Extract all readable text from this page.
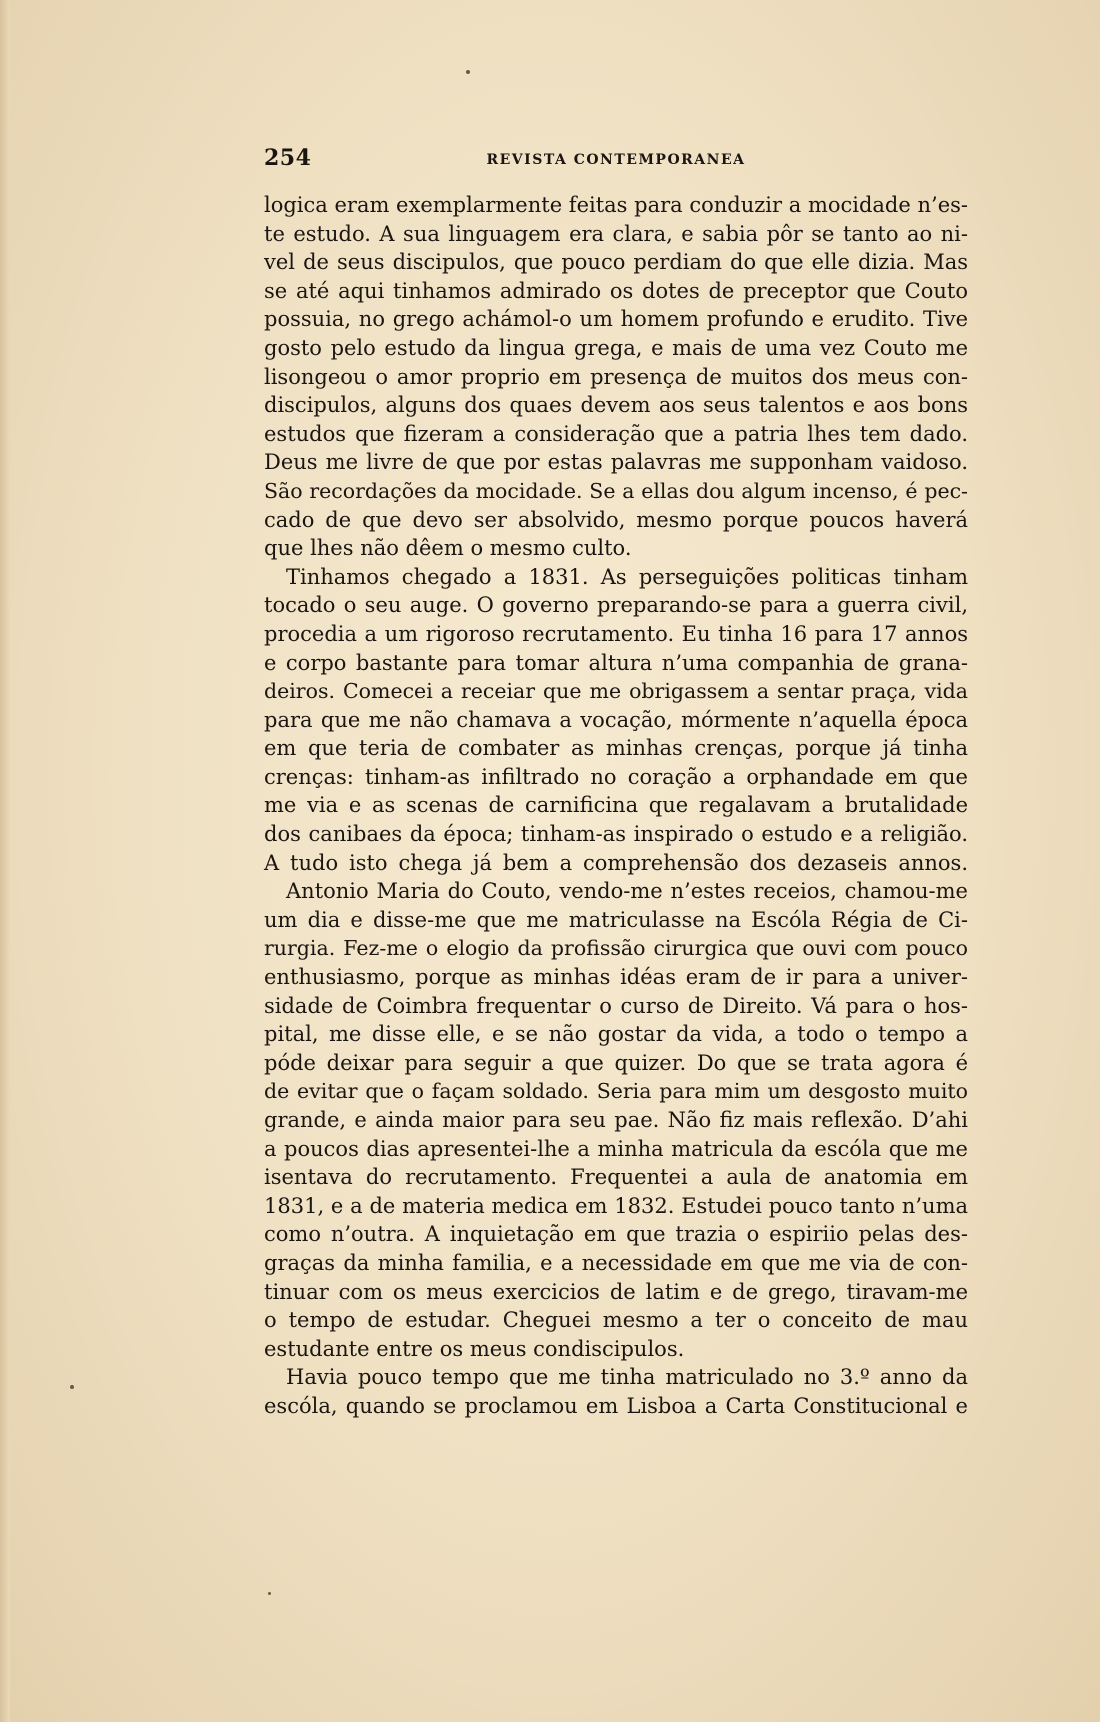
254	REVISTA CONTEMPORANEA
logica eram exemplarmente feitas para conduzir a mocidade n’es-
te estudo. A sua linguagem era clara, e sabia pôr se tanto ao ni-
vel de seus discipulos, que pouco perdiam do que elle dizia. Mas
se até aqui tinhamos admirado os dotes de preceptor que Couto
possuia, no grego achámol-o um homem profundo e erudito. Tive
gosto pelo estudo da lingua grega, e mais de uma vez Couto me
lisongeou o amor proprio em presença de muitos dos meus con-
discipulos, alguns dos quaes devem aos seus talentos e aos bons
estudos que fizeram a consideração que a patria lhes tem dado.
Deus me livre de que por estas palavras me supponham vaidoso.
São recordações da mocidade. Se a ellas dou algum incenso, é pec-
cado de que devo ser absolvido, mesmo porque poucos haverá
que lhes não dêem o mesmo culto.
Tinhamos chegado a 1831. As perseguições politicas tinham
tocado o seu auge. O governo preparando-se para a guerra civil,
procedia a um rigoroso recrutamento. Eu tinha 16 para 17 annos
e corpo bastante para tomar altura n’uma companhia de grana-
deiros. Comecei a receiar que me obrigassem a sentar praça, vida
para que me não chamava a vocação, mórmente n’aquella época
em que teria de combater as minhas crenças, porque já tinha
crenças: tinham-as infiltrado no coração a orphandade em que
me via e as scenas de carnificina que regalavam a brutalidade
dos canibaes da época; tinham-as inspirado o estudo e a religião.
A tudo isto chega já bem a comprehensão dos dezaseis annos.
Antonio Maria do Couto, vendo-me n’estes receios, chamou-me
um dia e disse-me que me matriculasse na Escóla Régia de Ci-
rurgia. Fez-me o elogio da profissão cirurgica que ouvi com pouco
enthusiasmo, porque as minhas idéas eram de ir para a univer-
sidade de Coimbra frequentar o curso de Direito. Vá para o hos-
pital, me disse elle, e se não gostar da vida, a todo o tempo a
póde deixar para seguir a que quizer. Do que se trata agora é
de evitar que o façam soldado. Seria para mim um desgosto muito
grande, e ainda maior para seu pae. Não fiz mais reflexão. D’ahi
a poucos dias apresentei-lhe a minha matricula da escóla que me
isentava do recrutamento. Frequentei a aula de anatomia em
1831, e a de materia medica em 1832. Estudei pouco tanto n’uma
como n’outra. A inquietação em que trazia o espiriio pelas des-
graças da minha familia, e a necessidade em que me via de con-
tinuar com os meus exercicios de latim e de grego, tiravam-me
o tempo de estudar. Cheguei mesmo a ter o conceito de mau
estudante entre os meus condiscipulos.
Havia pouco tempo que me tinha matriculado no 3.º anno da
escóla, quando se proclamou em Lisboa a Carta Constitucional e
